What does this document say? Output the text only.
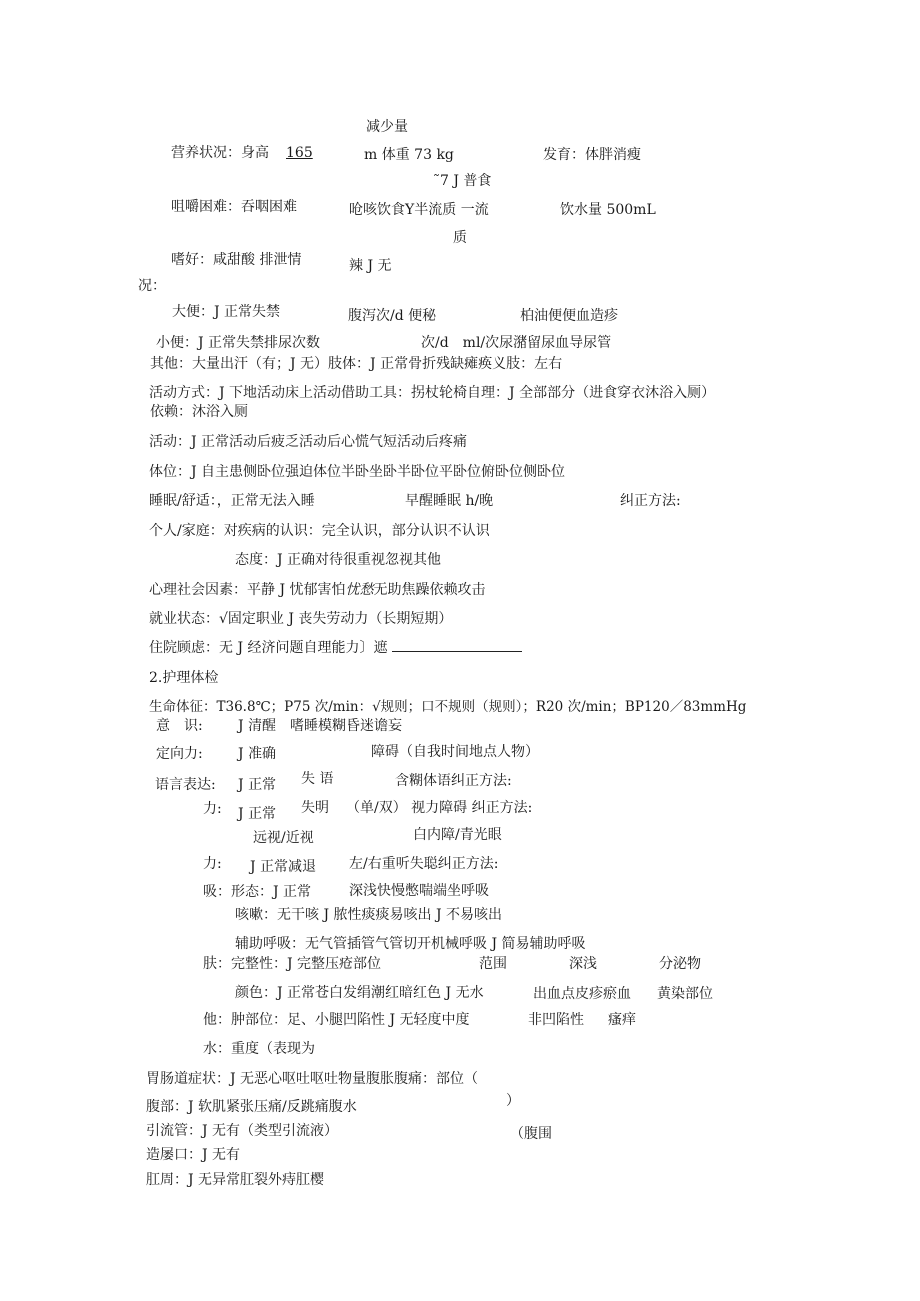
减少量
营养状况：身高 165	m 体重 73 kg	发育：体胖消瘦
˜7 J 普食
咀嚼困难：吞咽困难	呛咳饮食Y半流质 一流	饮水量 500mL
质
嗜好：咸甜酸 排泄情	辣 J 无
况：
大便：J 正常失禁	腹泻次/d 便秘	柏油便便血造疹
小便：J 正常失禁排尿次数	次/d　ml/次尿潴留尿血导尿管
其他：大量出汗（有；J 无）肢体：J 正常骨折残缺瘫痪义肢：左右
活动方式：J 下地活动床上活动借助工具：拐杖轮椅自理：J 全部部分（进食穿衣沐浴入厕）
依赖：沐浴入厕
活动：J 正常活动后疲乏活动后心慌气短活动后疼痛
体位：J 自主患侧卧位强迫体位半卧坐卧半卧位平卧位俯卧位侧卧位
睡眠/舒适：，正常无法入睡	早醒睡眠 h/晚	纠正方法:
个人/家庭：对疾病的认识：完全认识，部分认识不认识
态度：J 正确对待很重视忽视其他
心理社会因素：平静 J 忧郁害怕忧愁无助焦躁依赖攻击
就业状态：√固定职业 J 丧失劳动力（长期短期）
住院顾虑：无 J 经济问题自理能力〕遮
2.护理体检
生命体征：T36.8℃；P75 次/min：√规则；口不规则（规则）；R20 次/min；BP120／83mmHg
意　识:	J 清醒　嗜睡模糊昏迷谵妄
定向力:	J 准确	障碍（自我时间地点人物）
语言表达: J 正常 失 语	含糊体语纠正方法:
力: J 正常 失明 （单/双） 视力障碍 纠正方法:
远视/近视	白内障/青光眼
力: J 正常减退 左/右重听失聪纠正方法:
吸：形态：J 正常	深浅快慢憋喘端坐呼吸
咳嗽：无干咳 J 脓性痰痰易咳出 J 不易咳出
辅助呼吸：无气管插管气管切开机械呼吸 J 简易辅助呼吸
肤：完整性：J 完整压疮部位	范围	深浅	分泌物
颜色：J 正常苍白发绢潮红暗红色 J 无水	出血点皮疹瘀血 黄染部位
他：肿部位：足、小腿凹陷性 J 无轻度中度	非凹陷性 瘙痒
水：重度（表现为
胃肠道症状：J 无恶心呕吐呕吐物量腹胀腹痛：部位（
）
腹部：J 软肌紧张压痛/反跳痛腹水
引流管：J 无有（类型引流液）	（腹围
造屡口：J 无有
肛周：J 无异常肛裂外痔肛樱
